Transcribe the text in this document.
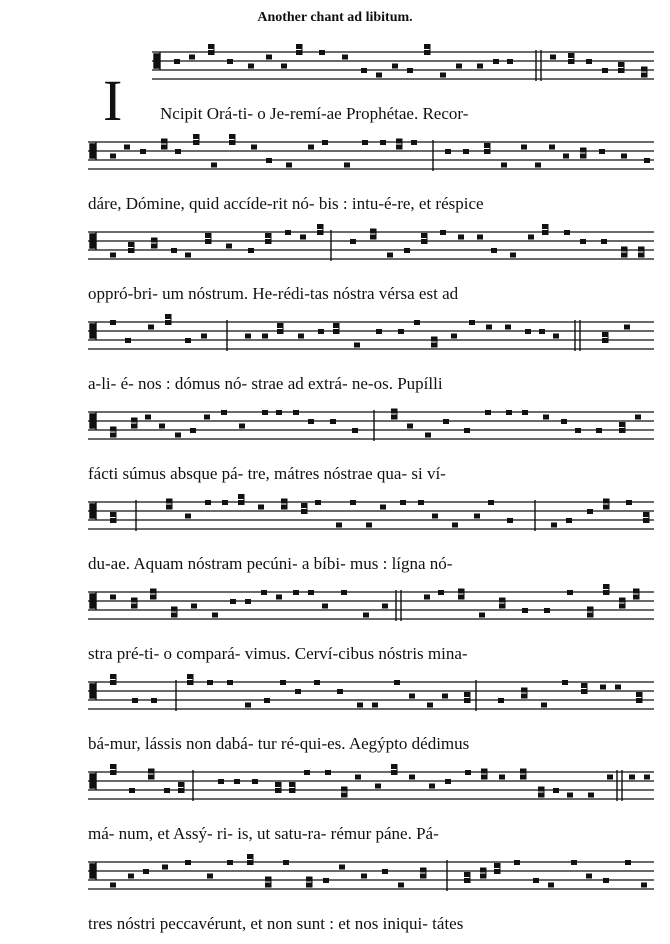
Another chant ad libitum.
I Ncipit Orá-ti- o Je-remí-ae Prophétae. Recor-
dáre, Dómine, quid accíde-rit nó- bis : intu-é-re, et réspice
oppró-bri- um nóstrum. He-rédi-tas nóstra vérsa est ad
a-li- é- nos : dómus nó- strae ad extrá- ne-os. Pupílli
fácti súmus absque pá- tre, mátres nóstrae quа- si ví-
du-ae. Aquam nóstram pecúni- a bíbi- mus : lígna nó-
stra pré-ti- o compará- vimus. Cerví-cibus nóstris mina-
bá-mur, lássis non dabá- tur ré-qui-es. Aegýpto dédimus
má- num, et Assý- ri- is, ut satu-ra- rémur páne. Pá-
tres nóstri peccavérunt, et non sunt : et nos iniqui- tátes
